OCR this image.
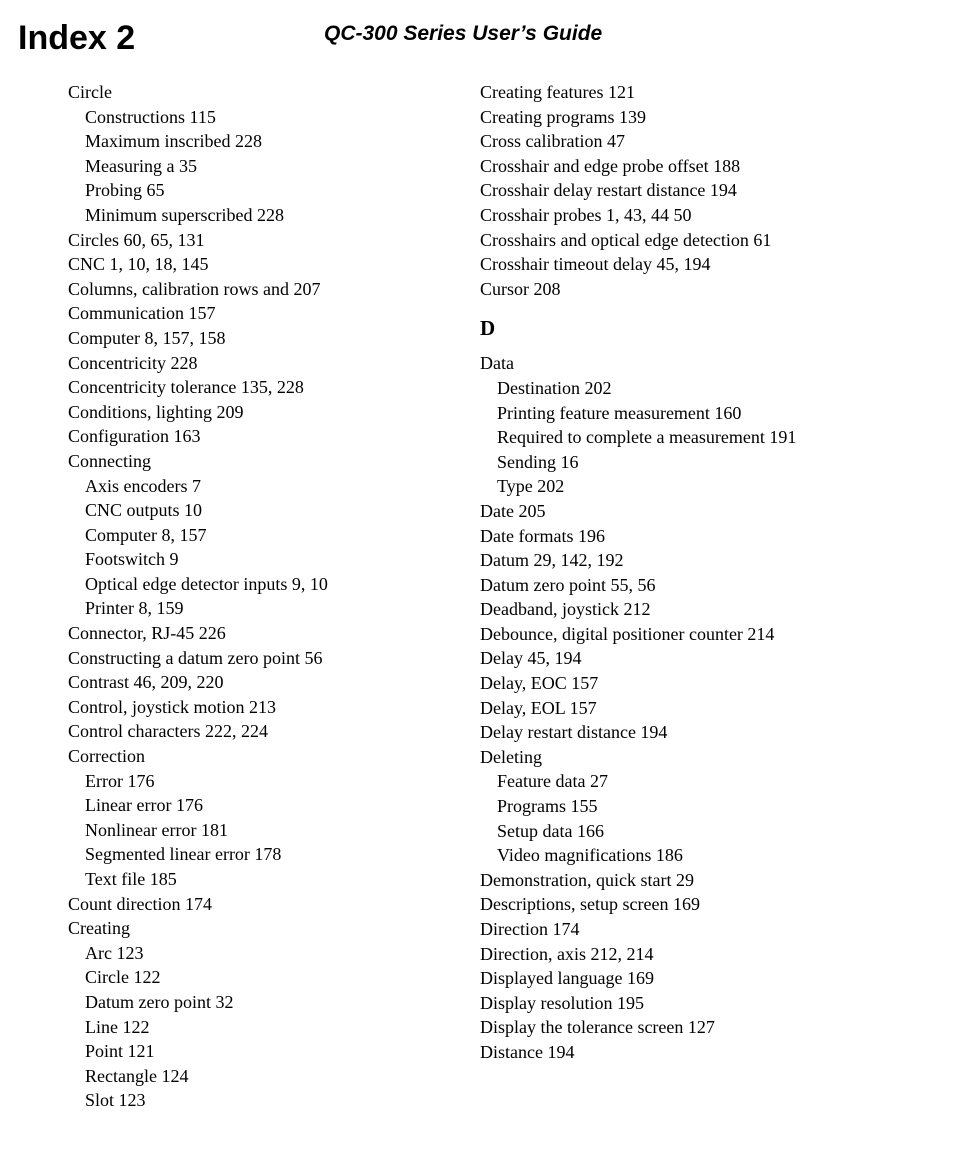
Index 2	QC-300 Series User’s Guide
Circle
Constructions 115
Maximum inscribed 228
Measuring a 35
Probing 65
Minimum superscribed 228
Circles 60, 65, 131
CNC 1, 10, 18, 145
Columns, calibration rows and 207
Communication 157
Computer 8, 157, 158
Concentricity 228
Concentricity tolerance 135, 228
Conditions, lighting 209
Configuration 163
Connecting
Axis encoders 7
CNC outputs 10
Computer 8, 157
Footswitch 9
Optical edge detector inputs 9, 10
Printer 8, 159
Connector, RJ-45 226
Constructing a datum zero point 56
Contrast 46, 209, 220
Control, joystick motion 213
Control characters 222, 224
Correction
Error 176
Linear error 176
Nonlinear error 181
Segmented linear error 178
Text file 185
Count direction 174
Creating
Arc 123
Circle 122
Datum zero point 32
Line 122
Point 121
Rectangle 124
Slot 123
Creating features 121
Creating programs 139
Cross calibration 47
Crosshair and edge probe offset 188
Crosshair delay restart distance 194
Crosshair probes 1, 43, 44 50
Crosshairs and optical edge detection 61
Crosshair timeout delay 45, 194
Cursor 208
D
Data
Destination 202
Printing feature measurement 160
Required to complete a measurement 191
Sending 16
Type 202
Date 205
Date formats 196
Datum 29, 142, 192
Datum zero point 55, 56
Deadband, joystick 212
Debounce, digital positioner counter 214
Delay 45, 194
Delay, EOC 157
Delay, EOL 157
Delay restart distance 194
Deleting
Feature data 27
Programs 155
Setup data 166
Video magnifications 186
Demonstration, quick start 29
Descriptions, setup screen 169
Direction 174
Direction, axis 212, 214
Displayed language 169
Display resolution 195
Display the tolerance screen 127
Distance 194
